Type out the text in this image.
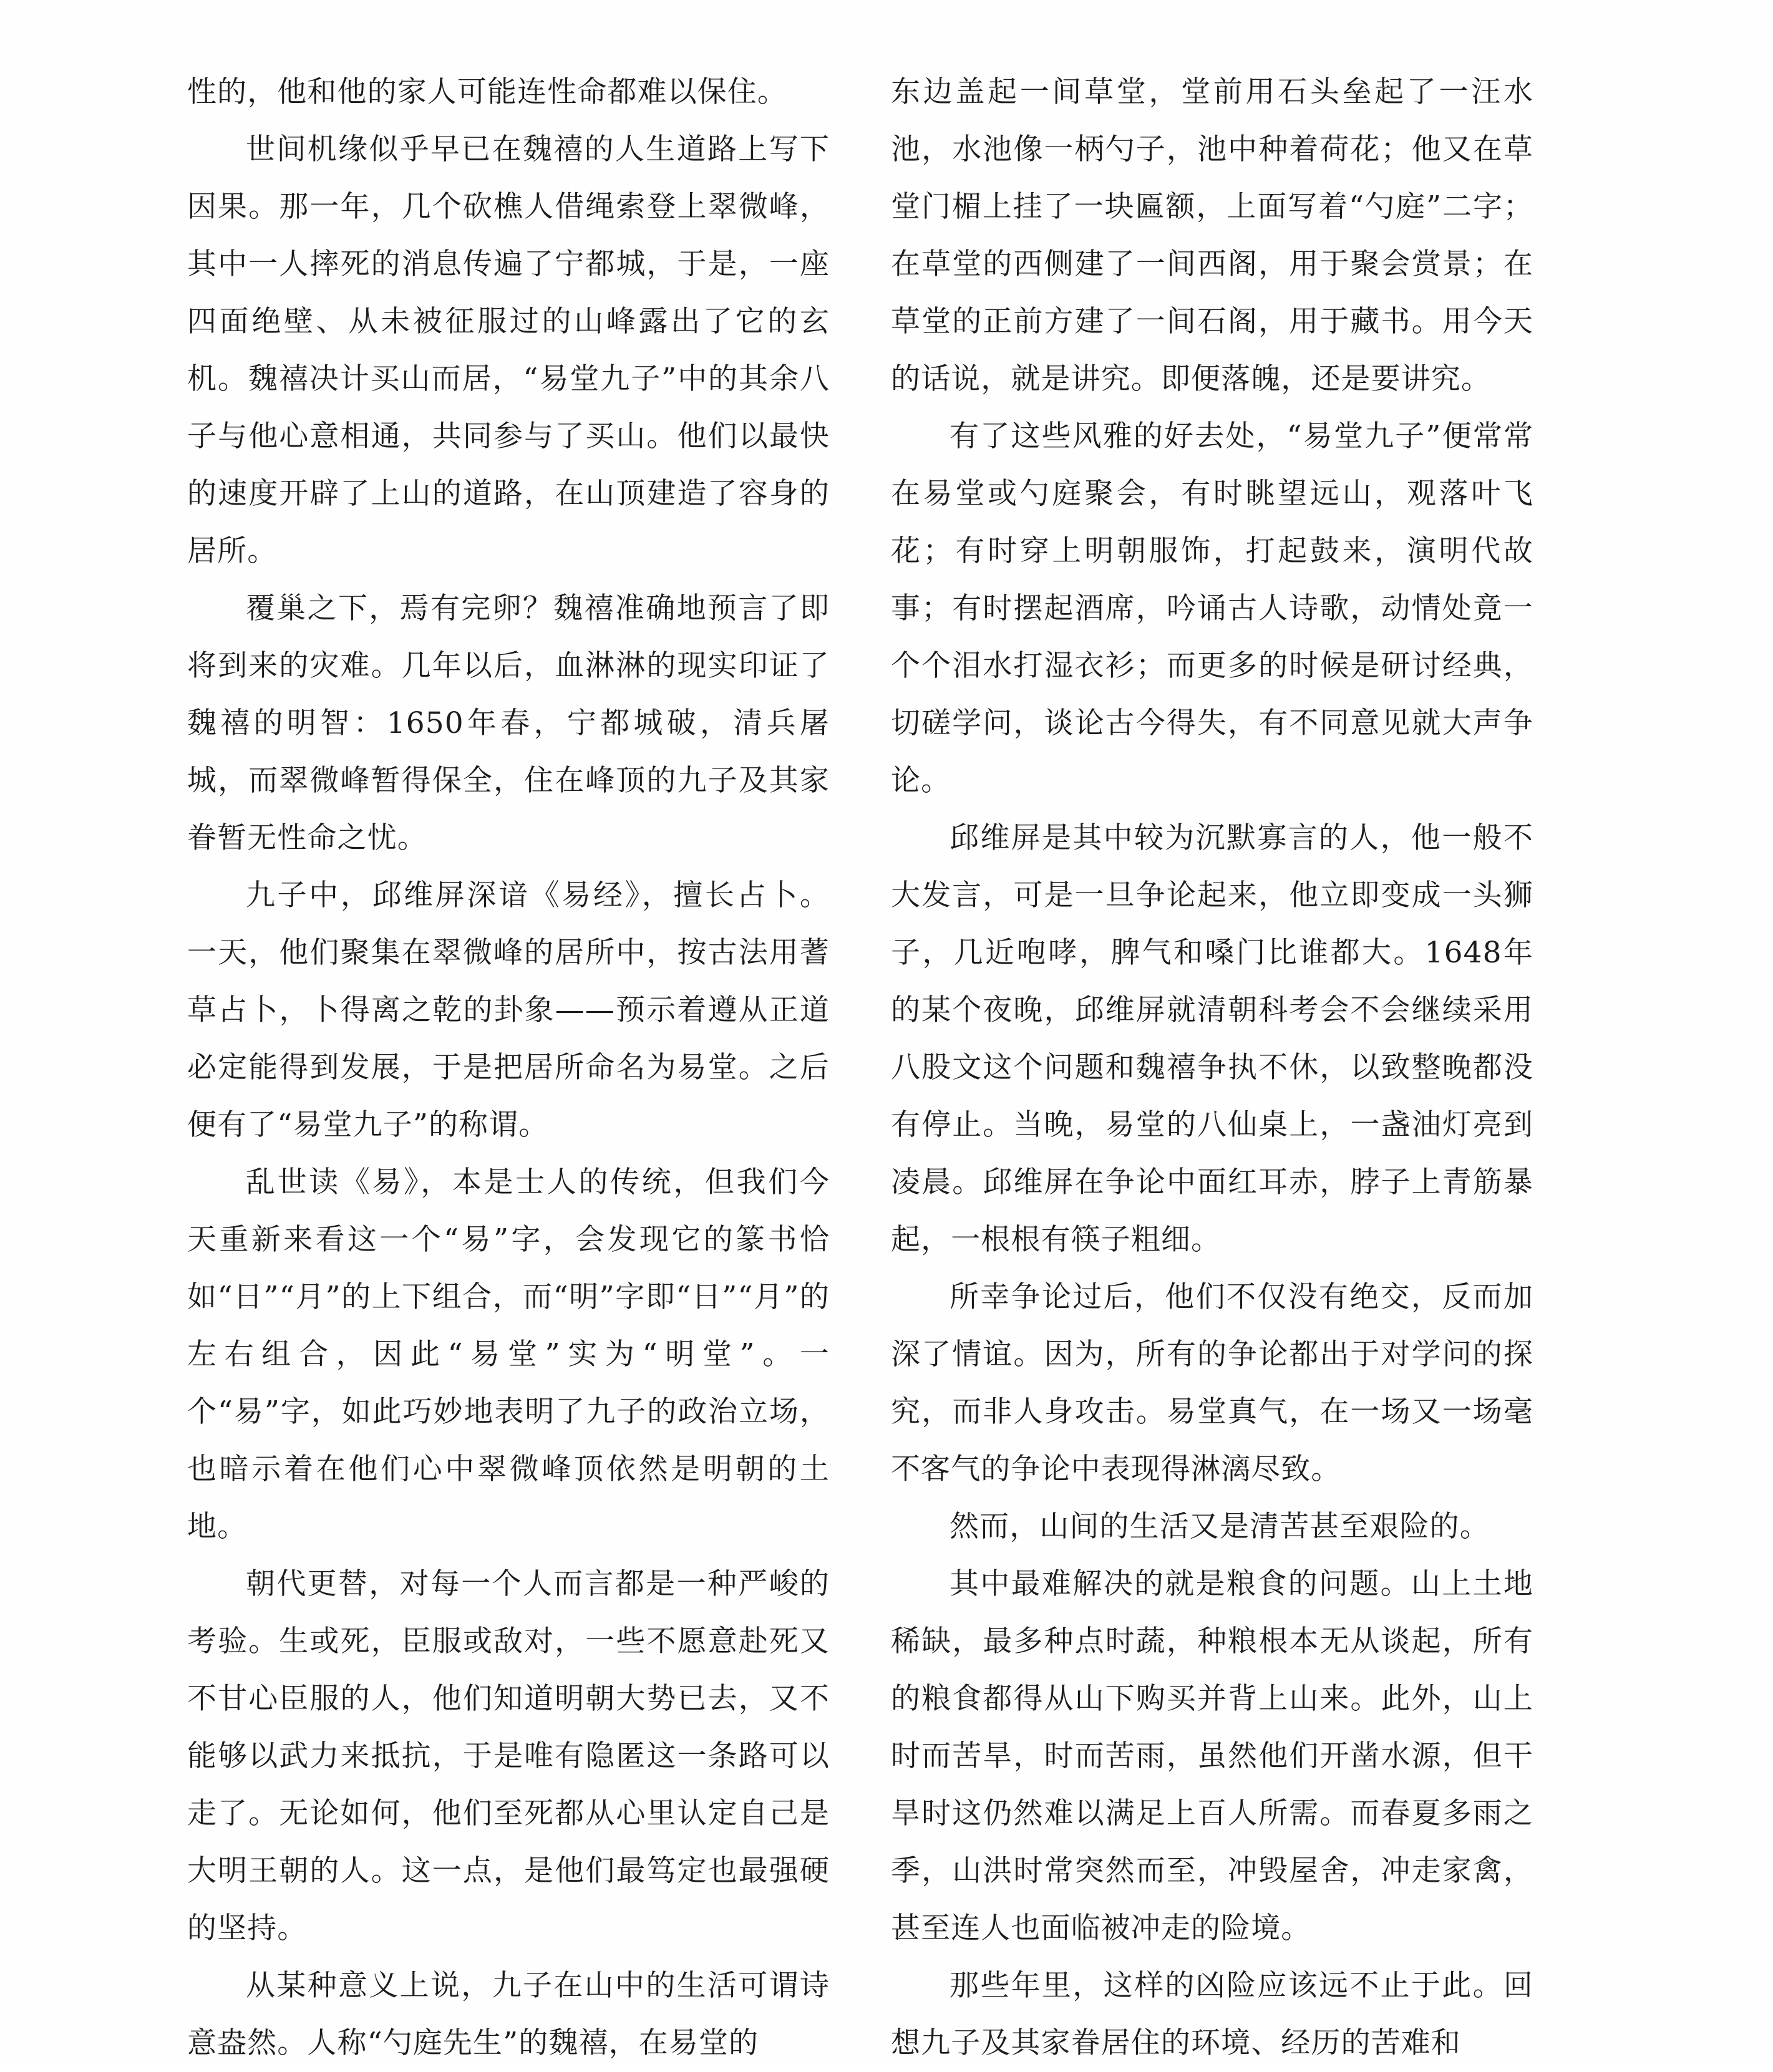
性的，他和他的家人可能连性命都难以保住。

世间机缘似乎早已在魏禧的人生道路上写下因果。那一年，几个砍樵人借绳索登上翠微峰，其中一人摔死的消息传遍了宁都城，于是，一座四面绝壁、从未被征服过的山峰露出了它的玄机。魏禧决计买山而居，“易堂九子”中的其余八子与他心意相通，共同参与了买山。他们以最快的速度开辟了上山的道路，在山顶建造了容身的居所。

覆巢之下，焉有完卵？魏禧准确地预言了即将到来的灾难。几年以后，血淋淋的现实印证了魏禧的明智：1650年春，宁都城破，清兵屠城，而翠微峰暂得保全，住在峰顶的九子及其家眷暂无性命之忧。

九子中，邱维屏深谙《易经》，擅长占卜。一天，他们聚集在翠微峰的居所中，按古法用蓍草占卜，卜得离之乾的卦象——预示着遵从正道必定能得到发展，于是把居所命名为易堂。之后便有了“易堂九子”的称谓。

乱世读《易》，本是士人的传统，但我们今天重新来看这一个“易”字，会发现它的篆书恰如“日”“月”的上下组合，而“明”字即“日”“月”的左右组合，因此“易堂”实为“明堂”。一个“易”字，如此巧妙地表明了九子的政治立场，也暗示着在他们心中翠微峰顶依然是明朝的土地。

朝代更替，对每一个人而言都是一种严峻的考验。生或死，臣服或敌对，一些不愿意赴死又不甘心臣服的人，他们知道明朝大势已去，又不能够以武力来抵抗，于是唯有隐匿这一条路可以走了。无论如何，他们至死都从心里认定自己是大明王朝的人。这一点，是他们最笃定也最强硬的坚持。

从某种意义上说，九子在山中的生活可谓诗意盎然。人称“勺庭先生”的魏禧，在易堂的

东边盖起一间草堂，堂前用石头垒起了一汪水池，水池像一柄勺子，池中种着荷花；他又在草堂门楣上挂了一块匾额，上面写着“勺庭”二字；在草堂的西侧建了一间西阁，用于聚会赏景；在草堂的正前方建了一间石阁，用于藏书。用今天的话说，就是讲究。即便落魄，还是要讲究。

有了这些风雅的好去处，“易堂九子”便常常在易堂或勺庭聚会，有时眺望远山，观落叶飞花；有时穿上明朝服饰，打起鼓来，演明代故事；有时摆起酒席，吟诵古人诗歌，动情处竟一个个泪水打湿衣衫；而更多的时候是研讨经典，切磋学问，谈论古今得失，有不同意见就大声争论。

邱维屏是其中较为沉默寡言的人，他一般不大发言，可是一旦争论起来，他立即变成一头狮子，几近咆哮，脾气和嗓门比谁都大。1648年的某个夜晚，邱维屏就清朝科考会不会继续采用八股文这个问题和魏禧争执不休，以致整晚都没有停止。当晚，易堂的八仙桌上，一盏油灯亮到凌晨。邱维屏在争论中面红耳赤，脖子上青筋暴起，一根根有筷子粗细。

所幸争论过后，他们不仅没有绝交，反而加深了情谊。因为，所有的争论都出于对学问的探究，而非人身攻击。易堂真气，在一场又一场毫不客气的争论中表现得淋漓尽致。

然而，山间的生活又是清苦甚至艰险的。

其中最难解决的就是粮食的问题。山上土地稀缺，最多种点时蔬，种粮根本无从谈起，所有的粮食都得从山下购买并背上山来。此外，山上时而苦旱，时而苦雨，虽然他们开凿水源，但干旱时这仍然难以满足上百人所需。而春夏多雨之季，山洪时常突然而至，冲毁屋舍，冲走家禽，甚至连人也面临被冲走的险境。

那些年里，这样的凶险应该远不止于此。回想九子及其家眷居住的环境、经历的苦难和
